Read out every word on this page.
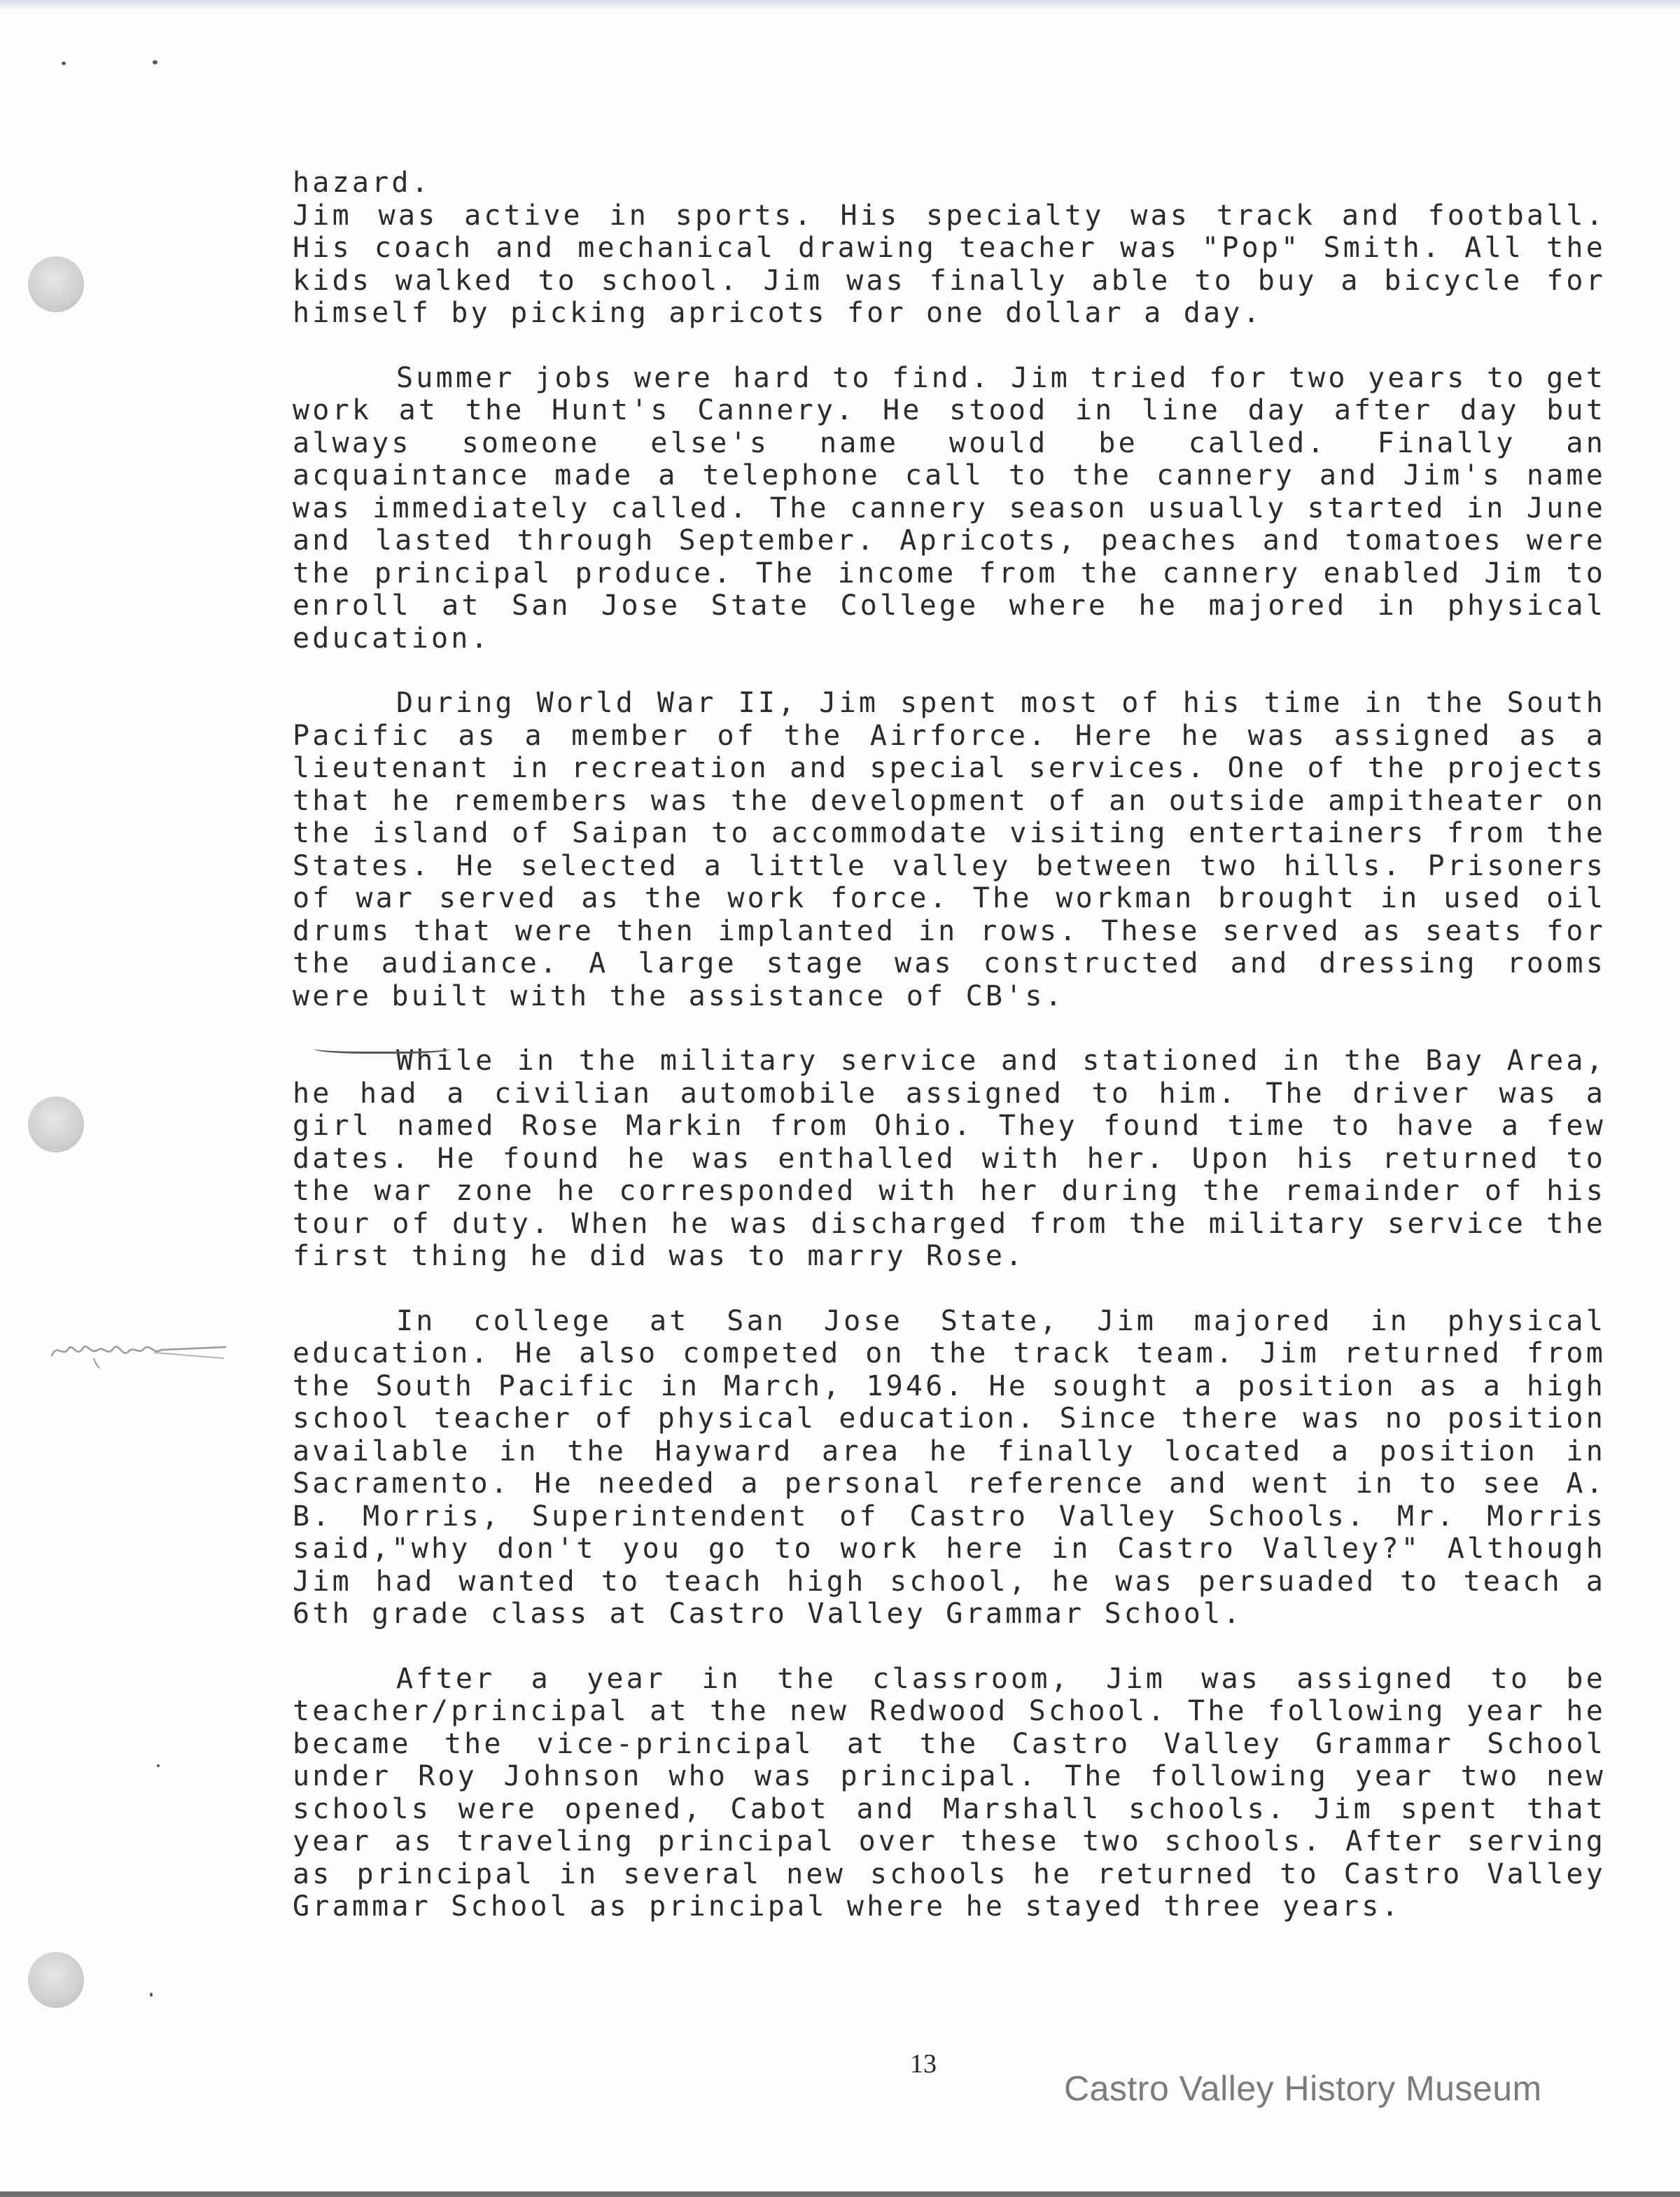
hazard.
Jim was active in sports. His specialty was track and football. His coach and mechanical drawing teacher was "Pop" Smith. All the kids walked to school. Jim was finally able to buy a bicycle for himself by picking apricots for one dollar a day.

Summer jobs were hard to find. Jim tried for two years to get work at the Hunt's Cannery. He stood in line day after day but always someone else's name would be called. Finally an acquaintance made a telephone call to the cannery and Jim's name was immediately called. The cannery season usually started in June and lasted through September. Apricots, peaches and tomatoes were the principal produce. The income from the cannery enabled Jim to enroll at San Jose State College where he majored in physical education.

During World War II, Jim spent most of his time in the South Pacific as a member of the Airforce. Here he was assigned as a lieutenant in recreation and special services. One of the projects that he remembers was the development of an outside ampitheater on the island of Saipan to accommodate visiting entertainers from the States. He selected a little valley between two hills. Prisoners of war served as the work force. The workman brought in used oil drums that were then implanted in rows. These served as seats for the audiance. A large stage was constructed and dressing rooms were built with the assistance of CB's.

While in the military service and stationed in the Bay Area, he had a civilian automobile assigned to him. The driver was a girl named Rose Markin from Ohio. They found time to have a few dates. He found he was enthalled with her. Upon his returned to the war zone he corresponded with her during the remainder of his tour of duty. When he was discharged from the military service the first thing he did was to marry Rose.

In college at San Jose State, Jim majored in physical education. He also competed on the track team. Jim returned from the South Pacific in March, 1946. He sought a position as a high school teacher of physical education. Since there was no position available in the Hayward area he finally located a position in Sacramento. He needed a personal reference and went in to see A. B. Morris, Superintendent of Castro Valley Schools. Mr. Morris said,"why don't you go to work here in Castro Valley?" Although Jim had wanted to teach high school, he was persuaded to teach a 6th grade class at Castro Valley Grammar School.

After a year in the classroom, Jim was assigned to be teacher/principal at the new Redwood School. The following year he became the vice-principal at the Castro Valley Grammar School under Roy Johnson who was principal. The following year two new schools were opened, Cabot and Marshall schools. Jim spent that year as traveling principal over these two schools. After serving as principal in several new schools he returned to Castro Valley Grammar School as principal where he stayed three years.

13
Castro Valley History Museum
